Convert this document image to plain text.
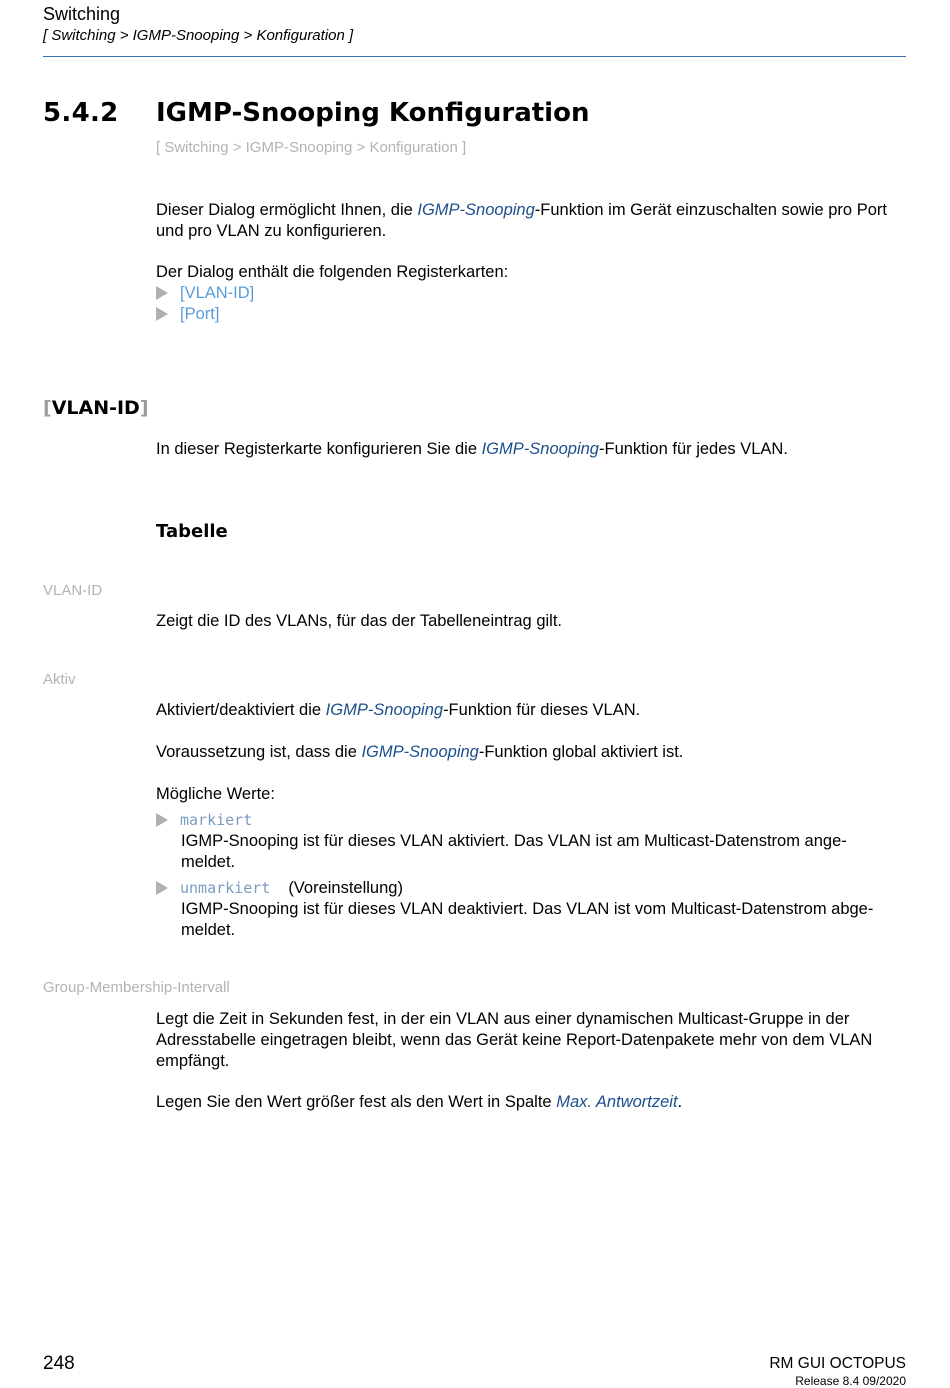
Switching
[ Switching > IGMP-Snooping > Konfiguration ]
5.4.2 IGMP-Snooping Konfiguration
[ Switching > IGMP-Snooping > Konfiguration ]
Dieser Dialog ermöglicht Ihnen, die IGMP-Snooping-Funktion im Gerät einzuschalten sowie pro Port
und pro VLAN zu konfigurieren.
Der Dialog enthält die folgenden Registerkarten:
[VLAN-ID]
[Port]
[VLAN-ID]
In dieser Registerkarte konfigurieren Sie die IGMP-Snooping-Funktion für jedes VLAN.
Tabelle
VLAN-ID
Zeigt die ID des VLANs, für das der Tabelleneintrag gilt.
Aktiv
Aktiviert/deaktiviert die IGMP-Snooping-Funktion für dieses VLAN.
Voraussetzung ist, dass die IGMP-Snooping-Funktion global aktiviert ist.
Mögliche Werte:
markiert
IGMP-Snooping ist für dieses VLAN aktiviert. Das VLAN ist am Multicast-Datenstrom ange-
meldet.
unmarkiert (Voreinstellung)
IGMP-Snooping ist für dieses VLAN deaktiviert. Das VLAN ist vom Multicast-Datenstrom abge-
meldet.
Group-Membership-Intervall
Legt die Zeit in Sekunden fest, in der ein VLAN aus einer dynamischen Multicast-Gruppe in der
Adresstabelle eingetragen bleibt, wenn das Gerät keine Report-Datenpakete mehr von dem VLAN
empfängt.
Legen Sie den Wert größer fest als den Wert in Spalte Max. Antwortzeit.
248	RM GUI OCTOPUS
Release 8.4 09/2020
